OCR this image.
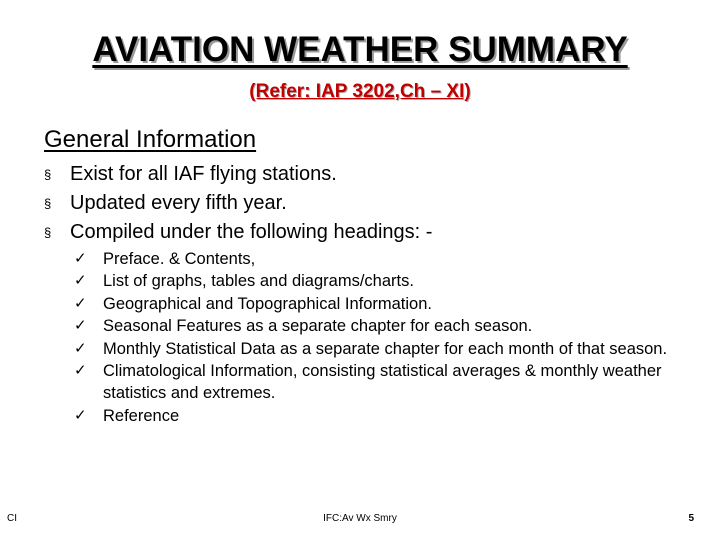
AVIATION WEATHER SUMMARY
(Refer: IAP 3202,Ch – XI)
General Information
§ Exist for all IAF flying stations.
§ Updated every fifth year.
§ Compiled under the following headings: -
✓ Preface. & Contents,
✓ List of graphs, tables and diagrams/charts.
✓ Geographical and Topographical Information.
✓ Seasonal Features as a separate chapter for each season.
✓ Monthly Statistical Data as a separate chapter for each month of that season.
✓ Climatological Information, consisting statistical averages & monthly weather statistics and extremes.
✓ Reference
CI	IFC:Av Wx Smry	5
